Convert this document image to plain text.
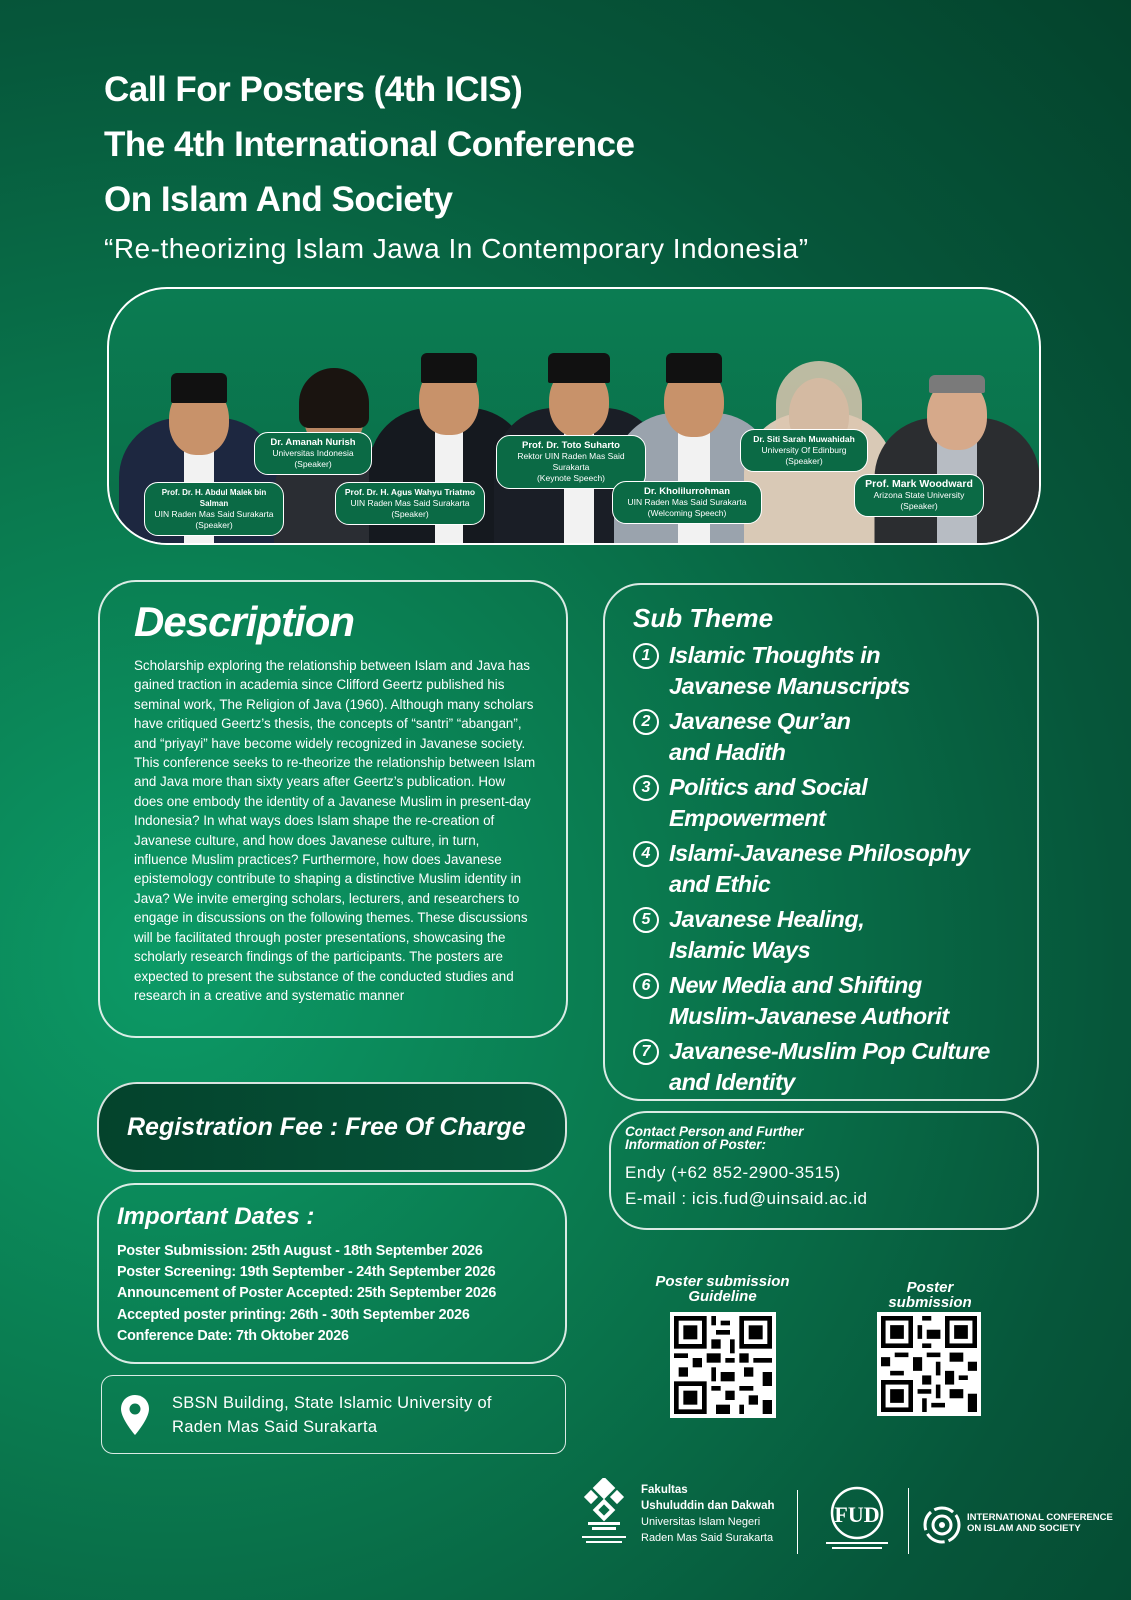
Call For Posters (4th ICIS)
The 4th International Conference
On Islam And Society
“Re-theorizing Islam Jawa In Contemporary Indonesia”
Prof. Dr. H. Abdul Malek bin Salman
UIN Raden Mas Said Surakarta
(Speaker)
Dr. Amanah Nurish
Universitas Indonesia
(Speaker)
Prof. Dr. H. Agus Wahyu Triatmo
UIN Raden Mas Said Surakarta
(Speaker)
Prof. Dr. Toto Suharto
Rektor UIN Raden Mas Said Surakarta
(Keynote Speech)
Dr. Kholilurrohman
UIN Raden Mas Said Surakarta
(Welcoming Speech)
Dr. Siti Sarah Muwahidah
University Of Edinburg
(Speaker)
Prof. Mark Woodward
Arizona State University
(Speaker)
Description

Scholarship exploring the relationship between Islam and Java has gained traction in academia since Clifford Geertz published his seminal work, The Religion of Java (1960). Although many scholars have critiqued Geertz’s thesis, the concepts of “santri” “abangan”, and “priyayi” have become widely recognized in Javanese society. This conference seeks to re-theorize the relationship between Islam and Java more than sixty years after Geertz’s publication. How does one embody the identity of a Javanese Muslim in present-day Indonesia? In what ways does Islam shape the re-creation of Javanese culture, and how does Javanese culture, in turn, influence Muslim practices? Furthermore, how does Javanese epistemology contribute to shaping a distinctive Muslim identity in Java? We invite emerging scholars, lecturers, and researchers to engage in discussions on the following themes. These discussions will be facilitated through poster presentations, showcasing the scholarly research findings of the participants. The posters are expected to present the substance of the conducted studies and research in a creative and systematic manner

Sub Theme
1 Islamic Thoughts in
Javanese Manuscripts
2 Javanese Qur’an
and Hadith
3 Politics and Social
Empowerment
4 Islami-Javanese Philosophy
and Ethic
5 Javanese Healing,
Islamic Ways
6 New Media and Shifting
Muslim-Javanese Authorit
7 Javanese-Muslim Pop Culture
and Identity
Registration Fee : Free Of Charge	Contact Person and Further Information of Poster:
Endy (+62 852-2900-3515)
E-mail : icis.fud@uinsaid.ac.id
Important Dates :
Poster Submission: 25th August - 18th September 2026
Poster Screening: 19th September - 24th September 2026
Announcement of Poster Accepted: 25th September 2026
Accepted poster printing: 26th - 30th September 2026
Conference Date: 7th Oktober 2026
SBSN Building, State Islamic University of
Raden Mas Said Surakarta
Poster submission Guideline
Poster submission
Fakultas
Ushuluddin dan Dakwah
Universitas Islam Negeri
Raden Mas Said Surakarta
FUD	INTERNATIONAL CONFERENCE
ON ISLAM AND SOCIETY
